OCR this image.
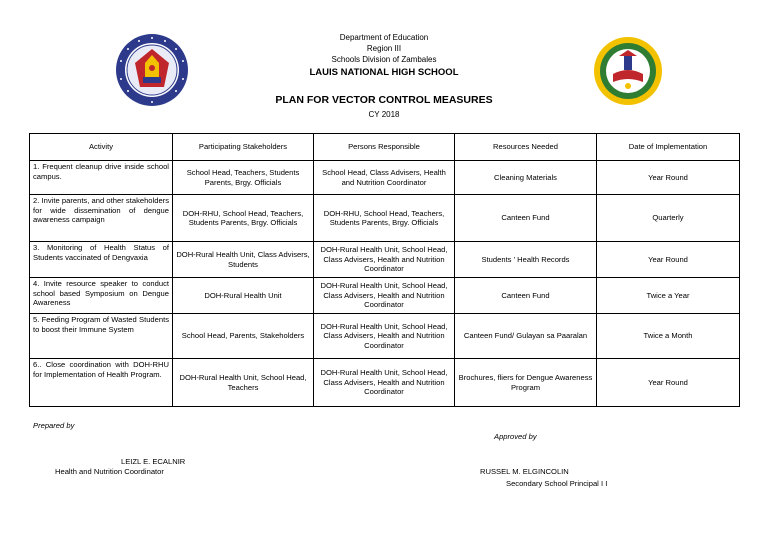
Department of Education
Region III
Schools Division of Zambales
LAUIS NATIONAL HIGH SCHOOL
PLAN FOR VECTOR CONTROL MEASURES
CY 2018
Activity	Participating Stakeholders	Persons Responsible	Resources Needed	Date of Implementation
1. Frequent cleanup drive inside school campus.	School Head, Teachers, Students Parents, Brgy. Officials	School Head, Class Advisers, Health and Nutrition Coordinator	Cleaning Materials	Year Round
2. Invite parents, and other stakeholders for wide dissemination of dengue awareness campaign	DOH-RHU, School Head, Teachers, Students Parents, Brgy. Officials	DOH-RHU, School Head, Teachers, Students Parents, Brgy. Officials	Canteen Fund	Quarterly
3. Monitoring of Health Status of Students vaccinated of Dengvaxia	DOH-Rural Health Unit, Class Advisers, Students	DOH-Rural Health Unit, School Head, Class Advisers, Health and Nutrition Coordinator	Students ' Health Records	Year Round
4. Invite resource speaker to conduct school based Symposium on Dengue Awareness	DOH-Rural Health Unit	DOH-Rural Health Unit, School Head, Class Advisers, Health and Nutrition Coordinator	Canteen Fund	Twice a Year
5. Feeding Program of Wasted Students to boost their Immune System	School Head, Parents, Stakeholders	DOH-Rural Health Unit, School Head, Class Advisers, Health and Nutrition Coordinator	Canteen Fund/ Gulayan sa Paaralan	Twice a Month
6.. Close coordination with DOH-RHU for Implementation of Health Program.	DOH-Rural Health Unit, School Head, Teachers	DOH-Rural Health Unit, School Head, Class Advisers, Health and Nutrition Coordinator	Brochures, fliers for Dengue Awareness Program	Year Round
Prepared by
LEIZL E. ECALNIR
Health and Nutrition Coordinator
Approved by
RUSSEL M. ELGINCOLIN
Secondary School Principal I I
